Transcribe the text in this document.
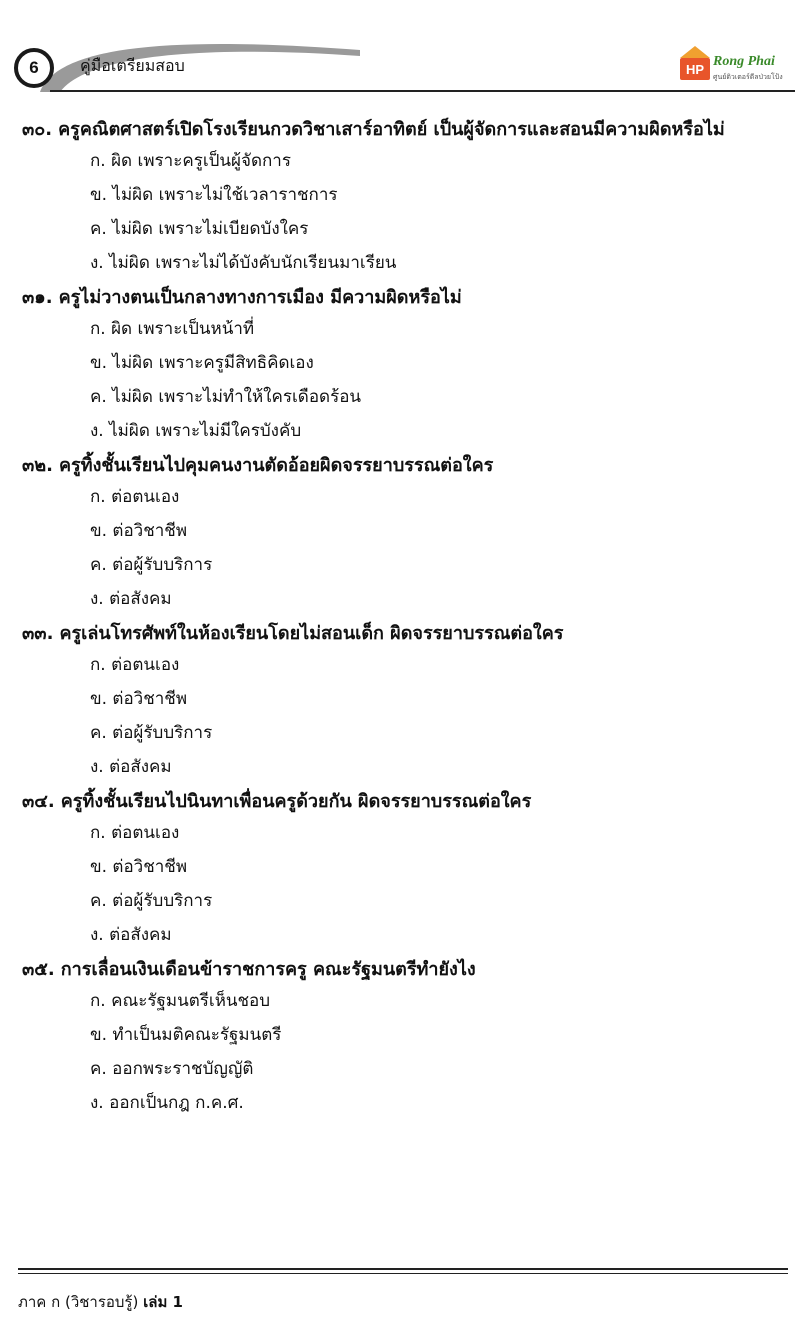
6	คู่มือเตรียมสอบ	HP Rong Phai
ศูนย์ติวเตอร์ดีลป่วยโป้ง
๓๐. ครูคณิตศาสตร์เปิดโรงเรียนกวดวิชาเสาร์อาทิตย์ เป็นผู้จัดการและสอนมีความผิดหรือไม่
ก. ผิด เพราะครูเป็นผู้จัดการ
ข. ไม่ผิด เพราะไม่ใช้เวลาราชการ
ค. ไม่ผิด เพราะไม่เบียดบังใคร
ง. ไม่ผิด เพราะไม่ได้บังคับนักเรียนมาเรียน
๓๑. ครูไม่วางตนเป็นกลางทางการเมือง มีความผิดหรือไม่
ก. ผิด เพราะเป็นหน้าที่
ข. ไม่ผิด เพราะครูมีสิทธิคิดเอง
ค. ไม่ผิด เพราะไม่ทำให้ใครเดือดร้อน
ง. ไม่ผิด เพราะไม่มีใครบังคับ
๓๒. ครูทิ้งชั้นเรียนไปคุมคนงานตัดอ้อยผิดจรรยาบรรณต่อใคร
ก. ต่อตนเอง
ข. ต่อวิชาชีพ
ค. ต่อผู้รับบริการ
ง. ต่อสังคม
๓๓. ครูเล่นโทรศัพท์ในห้องเรียนโดยไม่สอนเด็ก ผิดจรรยาบรรณต่อใคร
ก. ต่อตนเอง
ข. ต่อวิชาชีพ
ค. ต่อผู้รับบริการ
ง. ต่อสังคม
๓๔. ครูทิ้งชั้นเรียนไปนินทาเพื่อนครูด้วยกัน ผิดจรรยาบรรณต่อใคร
ก. ต่อตนเอง
ข. ต่อวิชาชีพ
ค. ต่อผู้รับบริการ
ง. ต่อสังคม
๓๕. การเลื่อนเงินเดือนข้าราชการครู คณะรัฐมนตรีทำยังไง
ก. คณะรัฐมนตรีเห็นชอบ
ข. ทำเป็นมติคณะรัฐมนตรี
ค. ออกพระราชบัญญัติ
ง. ออกเป็นกฎ ก.ค.ศ.
ภาค ก (วิชารอบรู้) เล่ม 1
